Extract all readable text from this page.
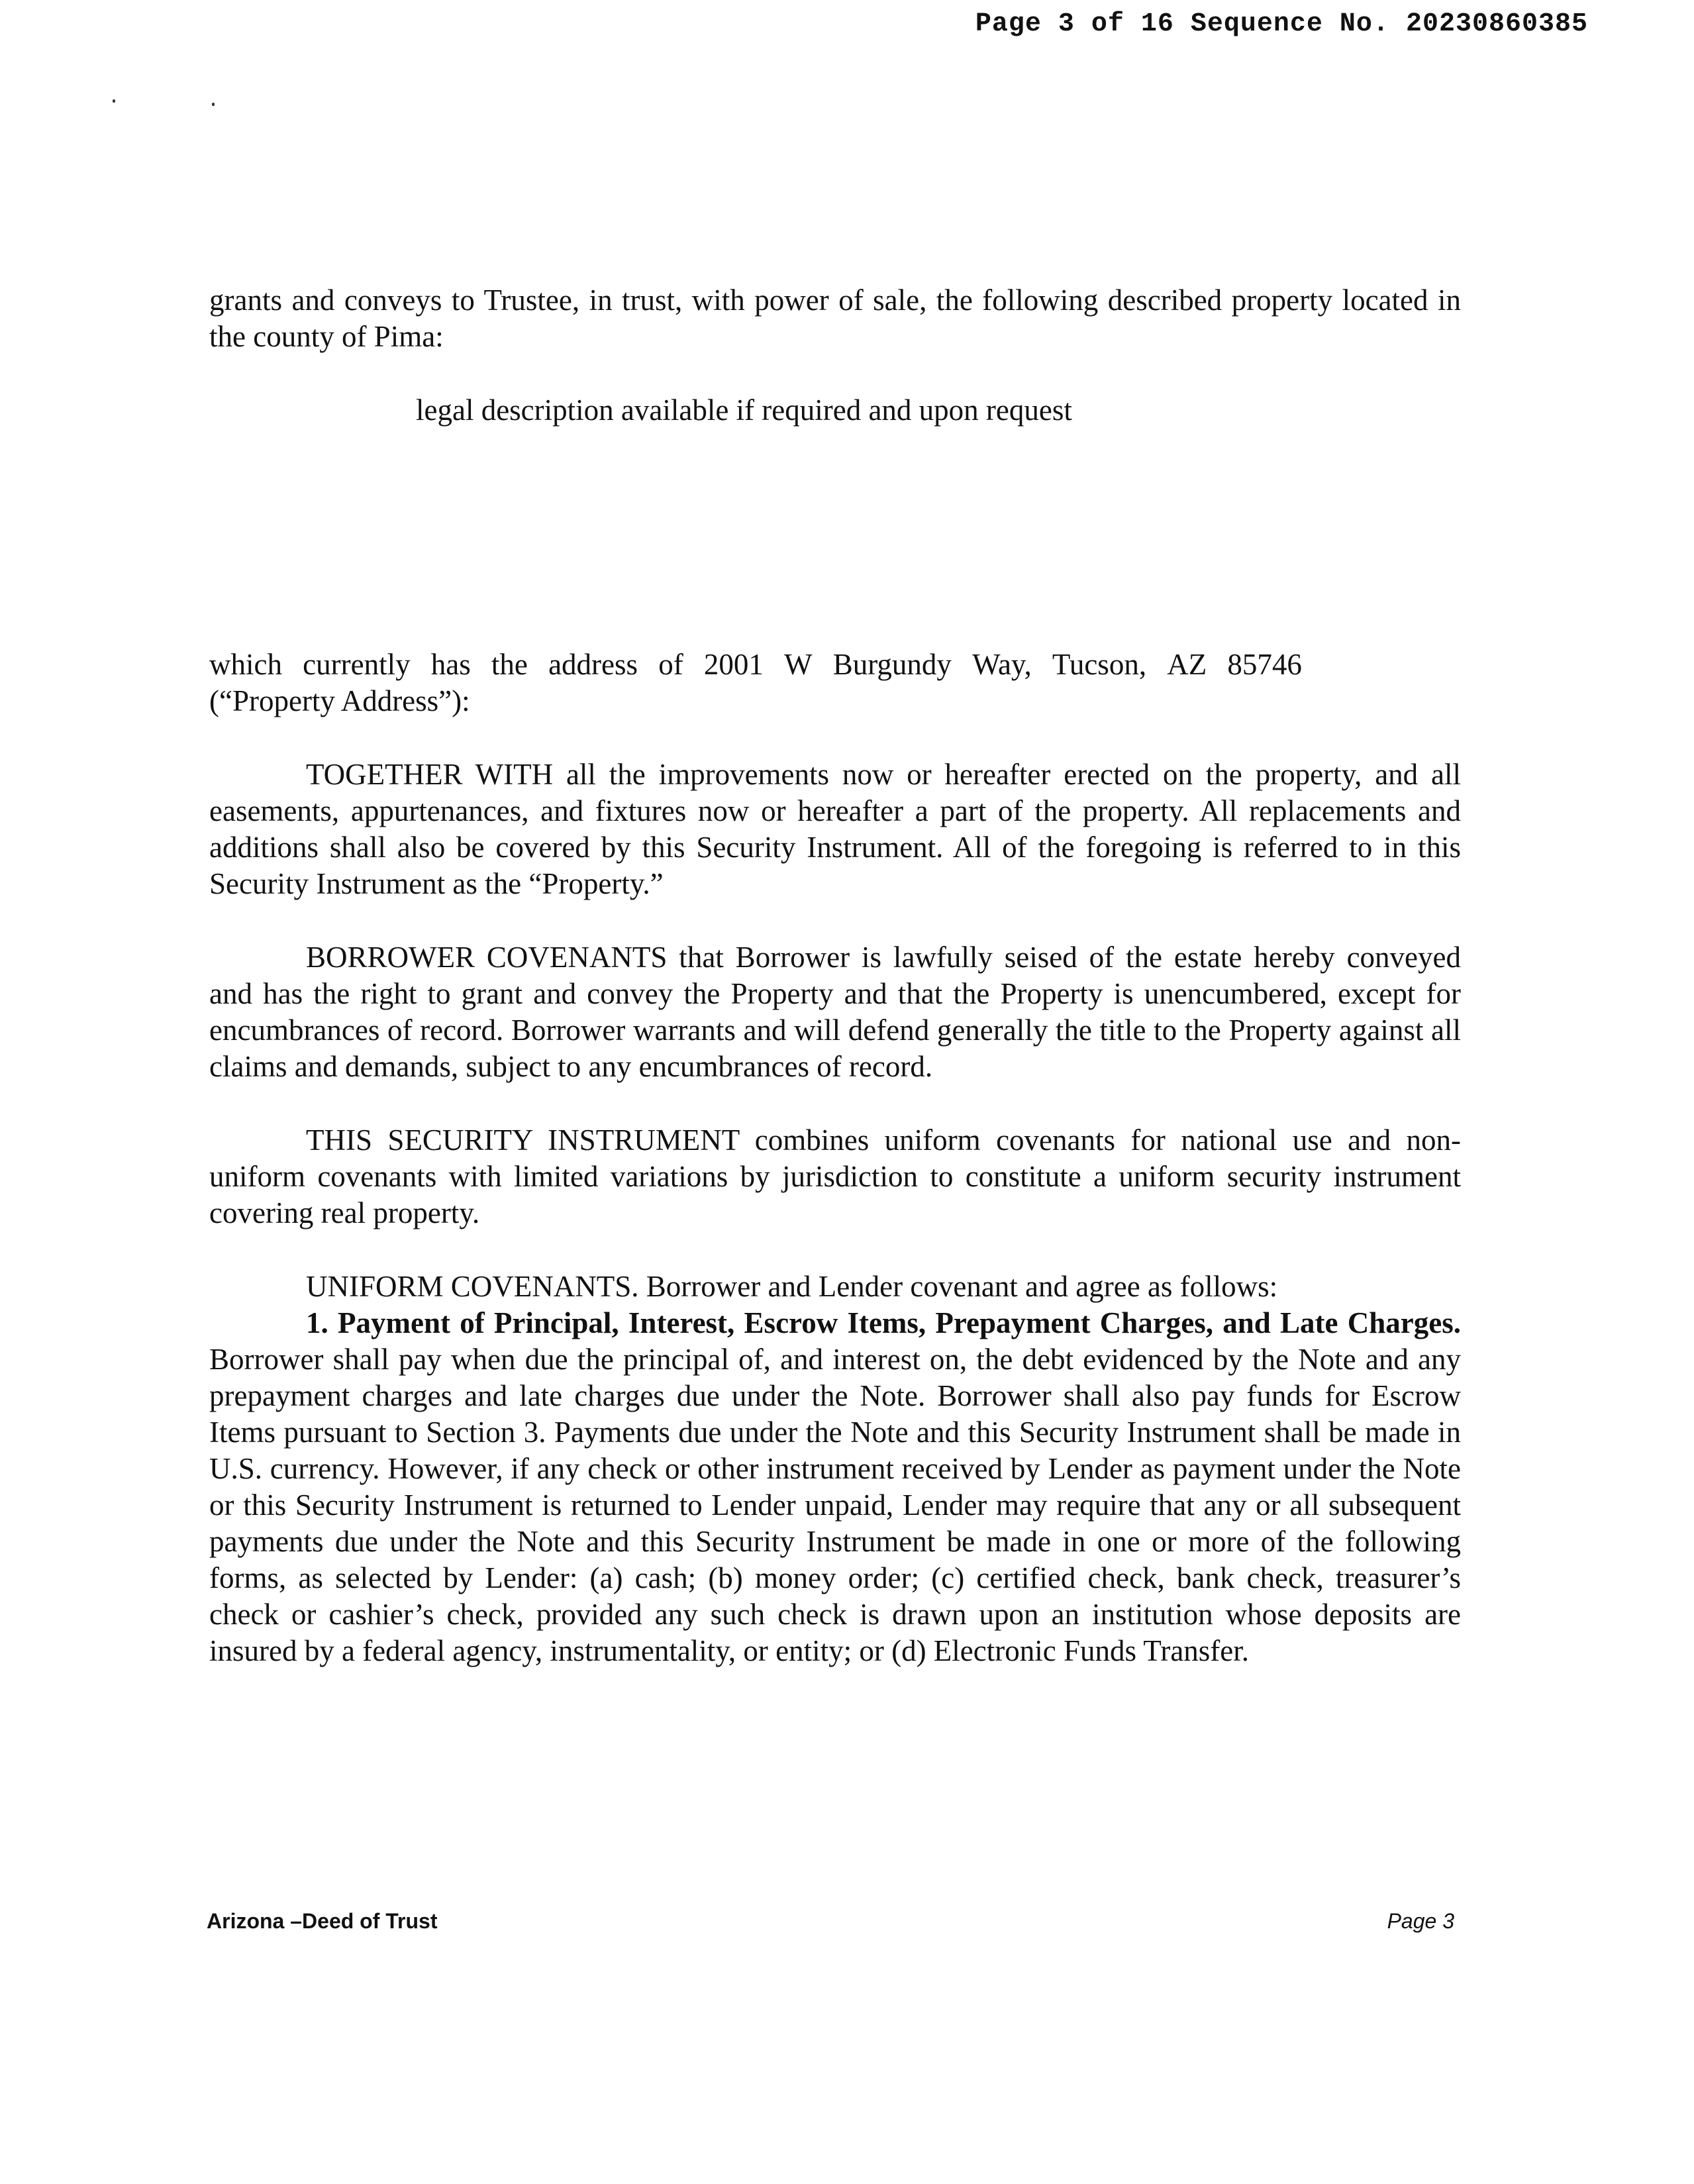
Page 3 of 16 Sequence No. 20230860385

grants and conveys to Trustee, in trust, with power of sale, the following described property located in the county of Pima:

legal description available if required and upon request
which currently has the address of 2001 W Burgundy Way, Tucson, AZ 85746
(“Property Address”):

TOGETHER WITH all the improvements now or hereafter erected on the property, and all easements, appurtenances, and fixtures now or hereafter a part of the property. All replacements and additions shall also be covered by this Security Instrument. All of the foregoing is referred to in this Security Instrument as the “Property.”

BORROWER COVENANTS that Borrower is lawfully seised of the estate hereby conveyed and has the right to grant and convey the Property and that the Property is unencumbered, except for encumbrances of record. Borrower warrants and will defend generally the title to the Property against all claims and demands, subject to any encumbrances of record.

THIS SECURITY INSTRUMENT combines uniform covenants for national use and non-uniform covenants with limited variations by jurisdiction to constitute a uniform security instrument covering real property.

UNIFORM COVENANTS. Borrower and Lender covenant and agree as follows:

1. Payment of Principal, Interest, Escrow Items, Prepayment Charges, and Late Charges. Borrower shall pay when due the principal of, and interest on, the debt evidenced by the Note and any prepayment charges and late charges due under the Note. Borrower shall also pay funds for Escrow Items pursuant to Section 3. Payments due under the Note and this Security Instrument shall be made in U.S. currency. However, if any check or other instrument received by Lender as payment under the Note or this Security Instrument is returned to Lender unpaid, Lender may require that any or all subsequent payments due under the Note and this Security Instrument be made in one or more of the following forms, as selected by Lender: (a) cash; (b) money order; (c) certified check, bank check, treasurer’s check or cashier’s check, provided any such check is drawn upon an institution whose deposits are insured by a federal agency, instrumentality, or entity; or (d) Electronic Funds Transfer.

Arizona –Deed of Trust	Page 3
